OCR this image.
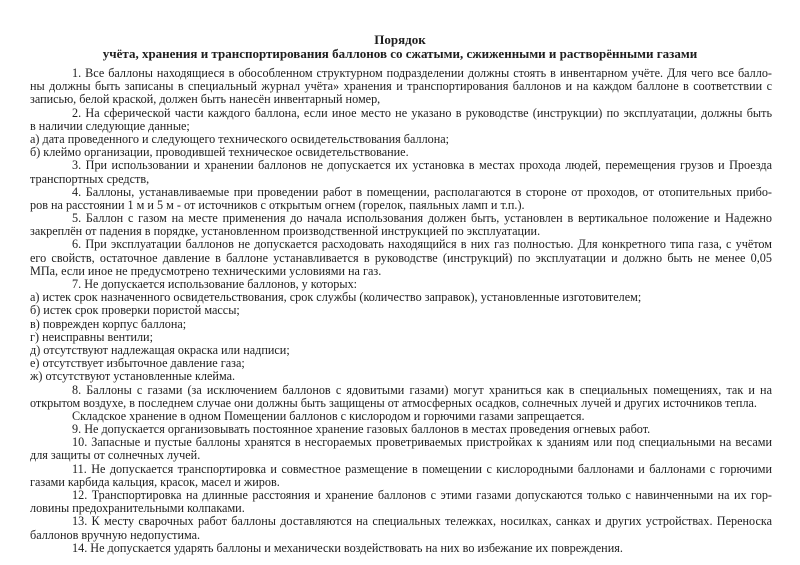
Порядок
учёта, хранения и транспортирования баллонов со сжатыми, сжиженными и растворёнными газами
1. Все баллоны находящиеся в обособленном структурном подразделении должны стоять в инвентарном учёте. Для чего все балло-
ны должны быть записаны в специальный журнал учёта» хранения и транспортирования баллонов и на каждом баллоне в соответствии с
записью, белой краской, должен быть нанесён инвентарный номер,
2. На сферической части каждого баллона, если иное место не указано в руководстве (инструкции) по эксплуатации, должны быть
в наличии следующие данные;
а) дата проведенного и следующего технического освидетельствования баллона;
б) клеймо организации, проводившей техническое освидетельствование.
3. При использовании и хранении баллонов не допускается их установка в местах прохода людей, перемещения грузов и Проезда
транспортных средств,
4. Баллоны, устанавливаемые при проведении работ в помещении, располагаются в стороне от проходов, от отопительных прибо-
ров на расстоянии 1 м и 5 м - от источников с открытым огнем (горелок, паяльных ламп и т.п.).
5. Баллон с газом на месте применения до начала использования должен быть, установлен в вертикальное положение и Надежно
закреплён от падения в порядке, установленном производственной инструкцией по эксплуатации.
6. При эксплуатации баллонов не допускается расходовать находящийся в них газ полностью. Для конкретного типа газа, с учётом
его свойств, остаточное давление в баллоне устанавливается в руководстве (инструкций) по эксплуатации и должно быть не менее 0,05
МПа, если иное не предусмотрено техническими условиями на газ.
7. Не допускается использование баллонов, у которых:
а) истек срок назначенного освидетельствования, срок службы (количество заправок), установленные изготовителем;
б) истек срок проверки пористой массы;
в) поврежден корпус баллона;
г) неисправны вентили;
д) отсутствуют надлежащая окраска или надписи;
е) отсутствует избыточное давление газа;
ж) отсутствуют установленные клейма.
8. Баллоны с газами (за исключением баллонов с ядовитыми газами) могут храниться как в специальных помещениях, так и на
открытом воздухе, в последнем случае они должны быть защищены от атмосферных осадков, солнечных лучей и других источников тепла.
Складское хранение в одном Помещении баллонов с кислородом и горючими газами запрещается.
9. Не допускается организовывать постоянное хранение газовых баллонов в местах проведения огневых работ.
10. Запасные и пустые баллоны хранятся в несгораемых проветриваемых пристройках к зданиям или под специальными на весами
для защиты от солнечных лучей.
11. Не допускается транспортировка и совместное размещение в помещении с кислородными баллонами и баллонами с горючими
газами карбида кальция, красок, масел и жиров.
12. Транспортировка на длинные расстояния и хранение баллонов с этими газами допускаются только с навинченными на их гор-
ловины предохранительными колпаками.
13. К месту сварочных работ баллоны доставляются на специальных тележках, носилках, санках и других устройствах. Переноска
баллонов вручную недопустима.
14. Не допускается ударять баллоны и механически воздействовать на них во избежание их повреждения.
